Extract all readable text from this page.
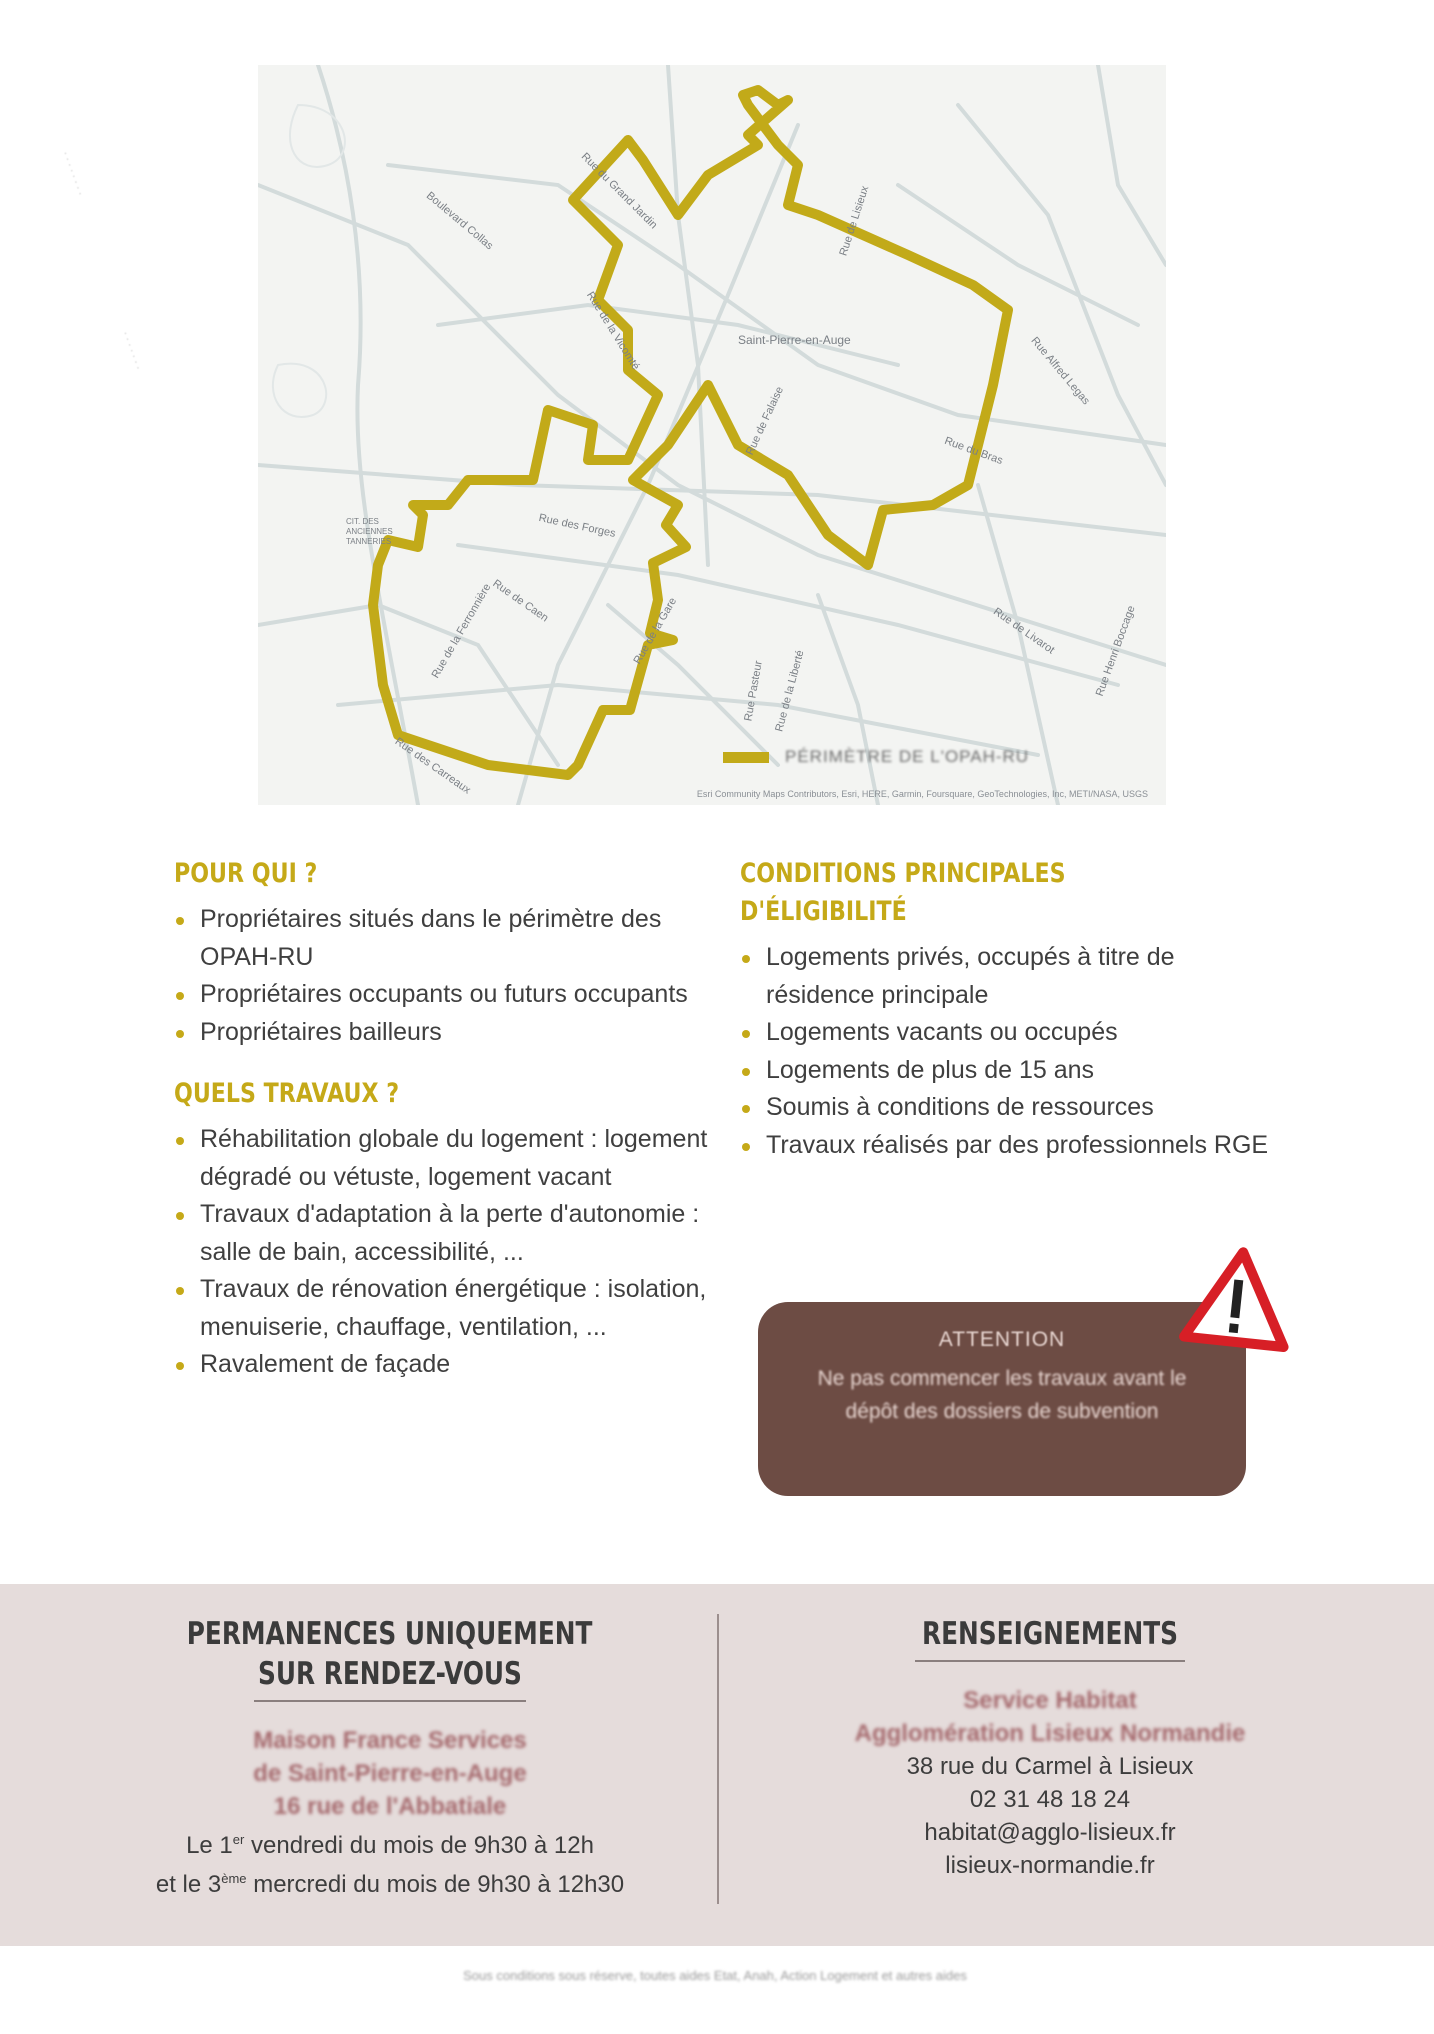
· · · · · · · ·
· · · · · · ·	Saint-Pierre-en-Auge
CIT. DES ANCIENNES TANNERIES
Rue du Grand Jardin
Boulevard Collas
Rue de la Vicomté
Rue de Lisieux
Rue de Falaise	Rue du Bras
Rue Alfred Legas
Rue de la Gare
Rue des Forges
Rue de la Ferronnière
Rue de Caen
Rue Pasteur Rue de la Liberté
Rue de Livarot	Rue Henri Boccage
Rue des Carreaux	PÉRIMÈTRE DE L'OPAH-RU
Esri Community Maps Contributors, Esri, HERE, Garmin, Foursquare, GeoTechnologies, Inc, METI/NASA, USGS
POUR QUI ?
Propriétaires situés dans le périmètre des OPAH-RU
Propriétaires occupants ou futurs occupants
Propriétaires bailleurs
QUELS TRAVAUX ?
Réhabilitation globale du logement : logement dégradé ou vétuste, logement vacant
Travaux d'adaptation à la perte d'autonomie : salle de bain, accessibilité, ...
Travaux de rénovation énergétique : isolation, menuiserie, chauffage, ventilation, ...
Ravalement de façade
CONDITIONS PRINCIPALES
D'ÉLIGIBILITÉ
Logements privés, occupés à titre de résidence principale
Logements vacants ou occupés
Logements de plus de 15 ans
Soumis à conditions de ressources
Travaux réalisés par des professionnels RGE
ATTENTION
Ne pas commencer les travaux avant le dépôt des dossiers de subvention
PERMANENCES UNIQUEMENT
SUR RENDEZ-VOUS
Maison France Services
de Saint-Pierre-en-Auge
16 rue de l'Abbatiale
Le 1er vendredi du mois de 9h30 à 12h
et le 3ème mercredi du mois de 9h30 à 12h30
RENSEIGNEMENTS
Service Habitat
Agglomération Lisieux Normandie
38 rue du Carmel à Lisieux
02 31 48 18 24
habitat@agglo-lisieux.fr
lisieux-normandie.fr
Sous conditions sous réserve, toutes aides Etat, Anah, Action Logement et autres aides
